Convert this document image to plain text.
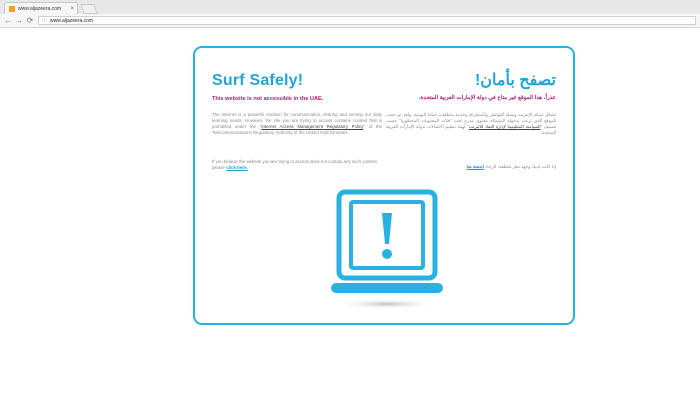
www.aljazeera.com	×
← → ⟳	ⓘ www.aljazeera.com
Surf Safely!

This website is not accessible in the UAE.

The Internet is a powerful medium for communication, sharing and serving our daily learning needs. However, the site you are trying to access contains content that is prohibited under the "Internet Access Management Regulatory Policy" of the Telecommunications Regulatory Authority of the United Arab Emirates.

If you believe the website you are trying to access does not contain any such content, please click here.

تصفح بأمان!

عذراً، هذا الموقع غير متاح في دولة الإمارات العربية المتحدة.

تشكل شبكة الإنترنت وسيلة للتواصل والمشاركة وخدمة متطلبات حياتنا اليومية. ولقد تم حجب الموقع الذي ترغب بدخوله لاشتماله محتوى مدرج تحت "فئات المحتويات المحظورة" حسب تصنيف "السياسة التنظيمية لإدارة النفاذ للانترنت" لهيئة تنظيم الاتصالات بدولة الإمارات العربية المتحدة.

إذا كانت لديك وجهة نظر مختلفة، الرجاء اضغط هنا
